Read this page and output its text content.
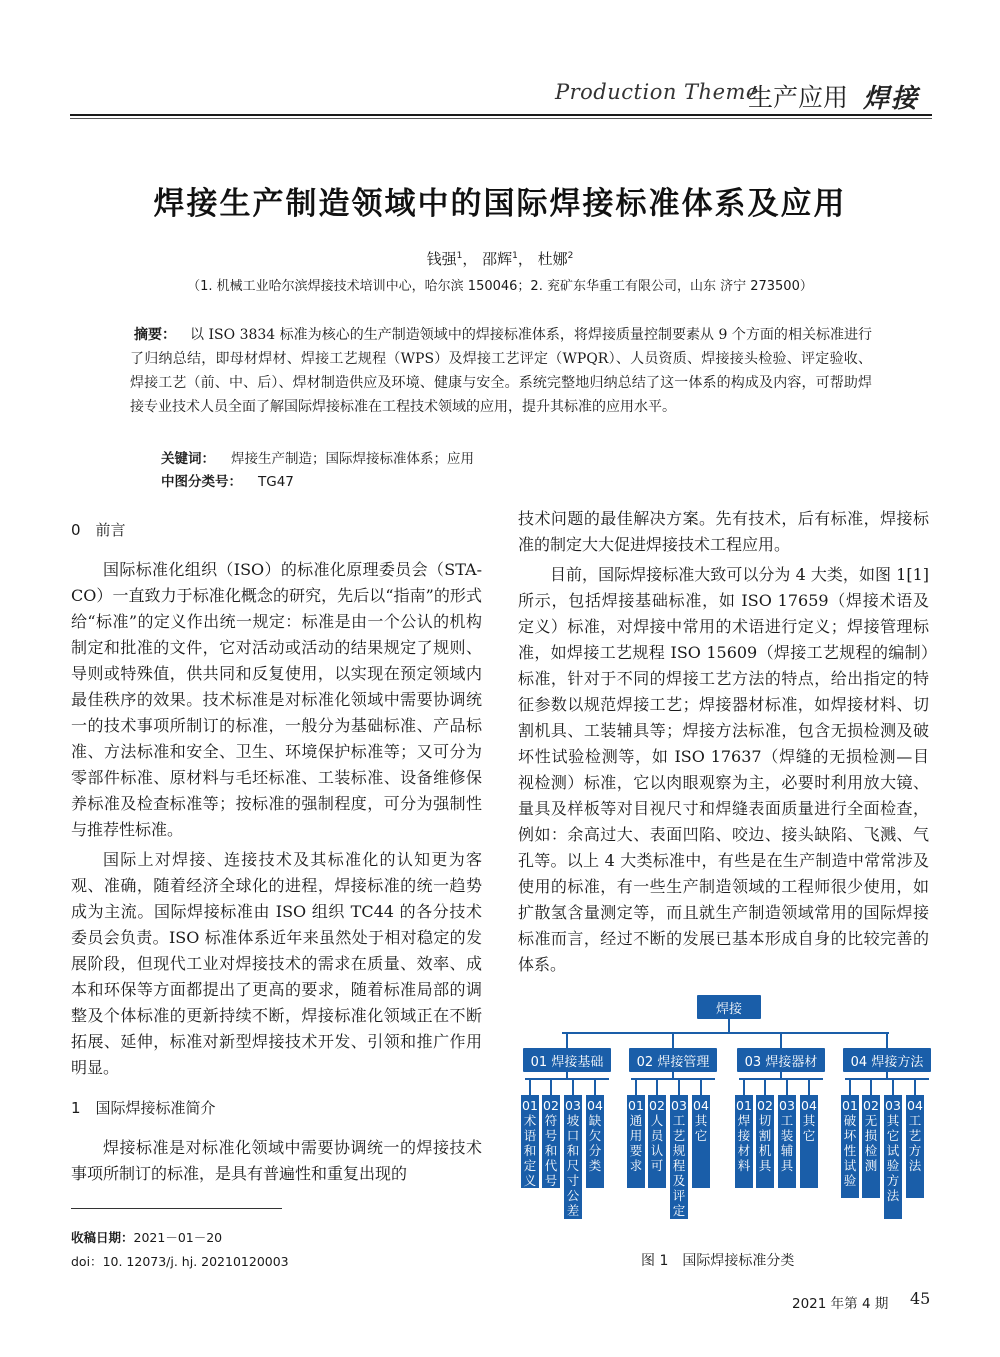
Production Theme
生产应用 焊接
焊接生产制造领域中的国际焊接标准体系及应用
钱强$^1$， 邵辉$^1$， 杜娜$^2$
（1. 机械工业哈尔滨焊接技术培训中心，哈尔滨 150046；2. 兖矿东华重工有限公司，山东 济宁 273500）
摘要： 以 ISO 3834 标准为核心的生产制造领域中的焊接标准体系，将焊接质量控制要素从 9 个方面的相关标准进行了归纳总结，即母材焊材、焊接工艺规程（WPS）及焊接工艺评定（WPQR）、人员资质、焊接接头检验、评定验收、焊接工艺（前、中、后）、焊材制造供应及环境、健康与安全。系统完整地归纳总结了这一体系的构成及内容，可帮助焊接专业技术人员全面了解国际焊接标准在工程技术领域的应用，提升其标准的应用水平。
关键词： 焊接生产制造；国际焊接标准体系；应用
中图分类号： TG47

0　前言

国际标准化组织（ISO）的标准化原理委员会（STA-CO）一直致力于标准化概念的研究，先后以“指南”的形式给“标准”的定义作出统一规定：标准是由一个公认的机构制定和批准的文件，它对活动或活动的结果规定了规则、导则或特殊值，供共同和反复使用，以实现在预定领域内最佳秩序的效果。技术标准是对标准化领域中需要协调统一的技术事项所制订的标准，一般分为基础标准、产品标准、方法标准和安全、卫生、环境保护标准等；又可分为零部件标准、原材料与毛坯标准、工装标准、设备维修保养标准及检查标准等；按标准的强制程度，可分为强制性与推荐性标准。

国际上对焊接、连接技术及其标准化的认知更为客观、准确，随着经济全球化的进程，焊接标准的统一趋势成为主流。国际焊接标准由 ISO 组织 TC44 的各分技术委员会负责。ISO 标准体系近年来虽然处于相对稳定的发展阶段，但现代工业对焊接技术的需求在质量、效率、成本和环保等方面都提出了更高的要求，随着标准局部的调整及个体标准的更新持续不断，焊接标准化领域正在不断拓展、延伸，标准对新型焊接技术开发、引领和推广作用明显。

1　国际焊接标准简介

焊接标准是对标准化领域中需要协调统一的焊接技术事项所制订的标准，是具有普遍性和重复出现的

技术问题的最佳解决方案。先有技术，后有标准，焊接标准的制定大大促进焊接技术工程应用。

目前，国际焊接标准大致可以分为 4 大类，如图 1[1]所示，包括焊接基础标准，如 ISO 17659（焊接术语及定义）标准，对焊接中常用的术语进行定义；焊接管理标准，如焊接工艺规程 ISO 15609（焊接工艺规程的编制）标准，针对于不同的焊接工艺方法的特点，给出指定的特征参数以规范焊接工艺；焊接器材标准，如焊接材料、切割机具、工装辅具等；焊接方法标准，包含无损检测及破坏性试验检测等，如 ISO 17637（焊缝的无损检测—目视检测）标准，它以肉眼观察为主，必要时利用放大镜、量具及样板等对目视尺寸和焊缝表面质量进行全面检查，例如：余高过大、表面凹陷、咬边、接头缺陷、飞溅、气孔等。以上 4 大类标准中，有些是在生产制造中常常涉及使用的标准，有一些生产制造领域的工程师很少使用，如扩散氢含量测定等，而且就生产制造领域常用的国际焊接标准而言，经过不断的发展已基本形成自身的比较完善的体系。

焊接
01 焊接基础	02 焊接管理	03 焊接器材	04 焊接方法
01术语和定义
02符号和代号
03坡口和尺寸公差
04缺欠分类
01通用要求
02人员认可
03工艺规程及评定
04其它
01焊接材料
02切割机具
03工装辅具
04其它
01破坏性试验
02无损检测
03其它试验方法
04工艺方法
图 1　国际焊接标准分类
收稿日期：2021－01－20
doi：10. 12073/j. hj. 20210120003
2021 年第 4 期 45
